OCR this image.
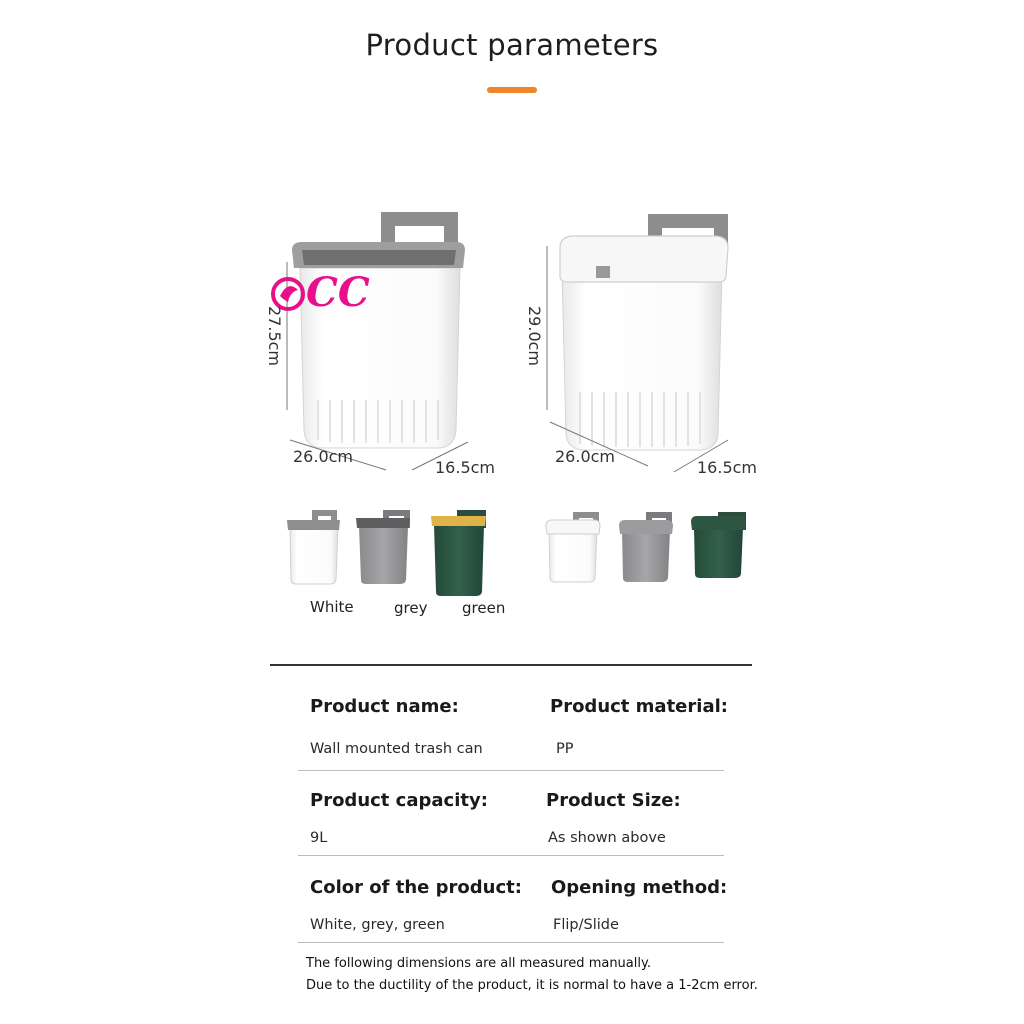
Product parameters
CC
27.5cm
26.0cm
16.5cm
29.0cm
26.0cm
16.5cm
White	grey green
Product name:	Product material:
Wall mounted trash can	PP
Product capacity:	Product Size:
9L	As shown above
Color of the product: Opening method:
White, grey, green	Flip/Slide
The following dimensions are all measured manually.
Due to the ductility of the product, it is normal to have a 1-2cm error.
